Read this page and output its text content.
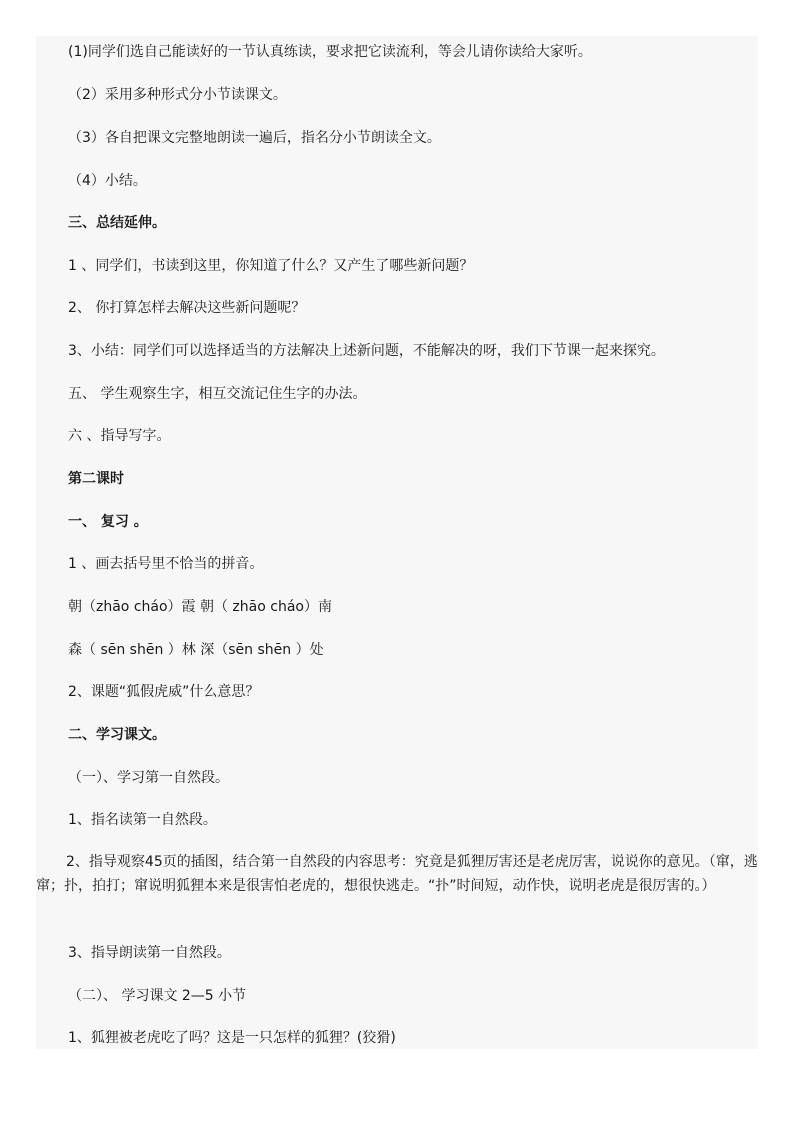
(1)同学们选自己能读好的一节认真练读，要求把它读流利，等会儿请你读给大家听。
（2）采用多种形式分小节读课文。
（3）各自把课文完整地朗读一遍后，指名分小节朗读全文。
（4）小结。
三、总结延伸。
1 、同学们，书读到这里，你知道了什么？又产生了哪些新问题？
2、 你打算怎样去解决这些新问题呢？
3、小结：同学们可以选择适当的方法解决上述新问题，不能解决的呀，我们下节课一起来探究。
五、 学生观察生字，相互交流记住生字的办法。
六 、指导写字。
第二课时
一、 复习 。
1 、画去括号里不恰当的拼音。
朝（zhāo cháo）霞 朝（ zhāo cháo）南
森（ sēn shēn ）林 深（sēn shēn ）处
2、课题“狐假虎威”什么意思？
二、学习课文。
（一）、学习第一自然段。
1、指名读第一自然段。
2、指导观察45页的插图，结合第一自然段的内容思考：究竟是狐狸厉害还是老虎厉害，说说你的意见。（窜，逃窜；扑，拍打；窜说明狐狸本来是很害怕老虎的，想很快逃走。“扑”时间短，动作快，说明老虎是很厉害的。）
3、指导朗读第一自然段。
（二）、 学习课文 2—5 小节
1、狐狸被老虎吃了吗？这是一只怎样的狐狸？(狡猾)
